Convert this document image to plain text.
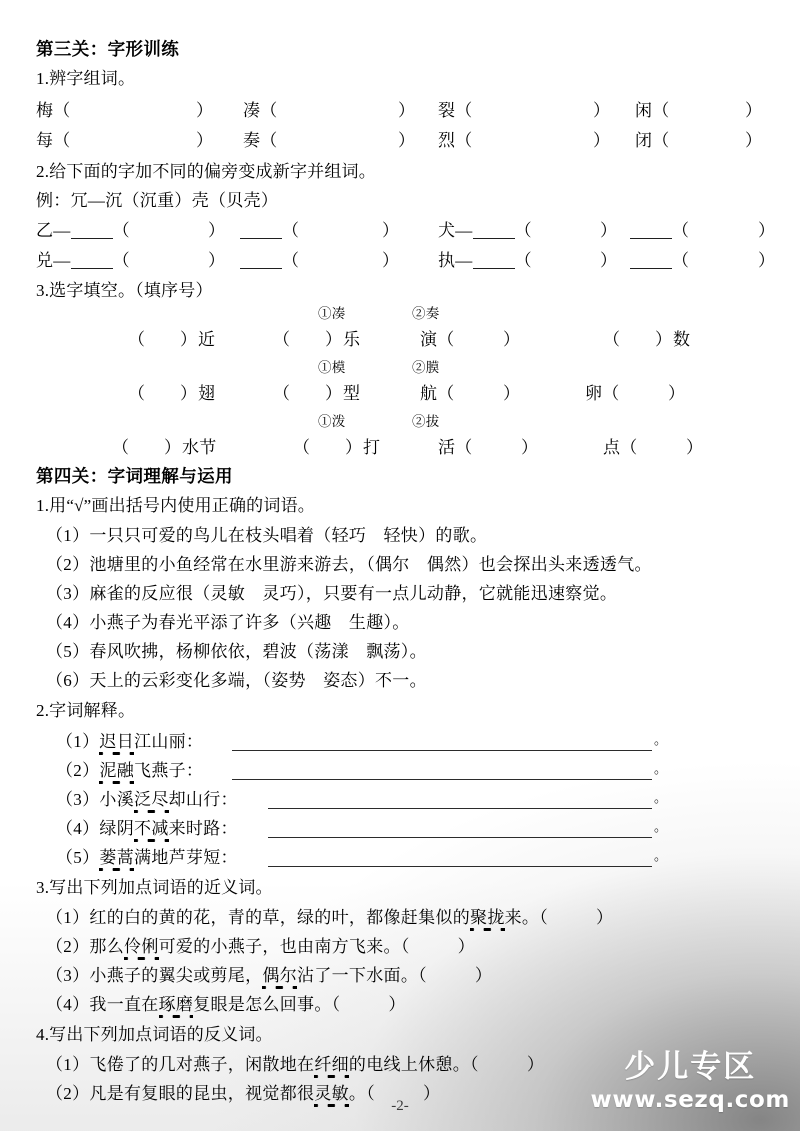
第三关：字形训练
1.辨字组词。
梅（	） 凑（	） 裂（	） 闲（	）
每（	） 奏（	） 烈（	） 闭（	）
2.给下面的字加不同的偏旁变成新字并组词。
例：冗—沉（沉重）壳（贝壳）
乙— （	）	（	） 犬— （	）	（	）
兑— （	）	（	） 执— （	）	（	）
3.选字填空。（填序号）
①凑	②奏
（ ） 近	（ ） 乐	演（	）	（ ） 数
①模	②膜
（ ） 翅	（ ） 型	航（	）	卵（	）
①泼	②拔
（ ） 水节	（ ） 打	活（	）	点（	）
第四关：字词理解与运用
1.用“√”画出括号内使用正确的词语。
（1）一只只可爱的鸟儿在枝头唱着（轻巧　轻快）的歌。
（2）池塘里的小鱼经常在水里游来游去，（偶尔　偶然）也会探出头来透透气。
（3）麻雀的反应很（灵敏　灵巧），只要有一点儿动静，它就能迅速察觉。
（4）小燕子为春光平添了许多（兴趣　生趣）。
（5）春风吹拂，杨柳依依，碧波（荡漾　飘荡）。
（6）天上的云彩变化多端，（姿势　姿态）不一。
2.字词解释。
（1）迟日江山丽：	。
（2）泥融飞燕子：	。
（3）小溪泛尽却山行：	。
（4）绿阴不减来时路：	。
（5）蒌蒿满地芦芽短：	。
3.写出下列加点词语的近义词。
（1）红的白的黄的花，青的草，绿的叶，都像赶集似的聚拢来。（	）
（2）那么伶俐可爱的小燕子，也由南方飞来。（	）
（3）小燕子的翼尖或剪尾，偶尔沾了一下水面。（	）
（4）我一直在琢磨复眼是怎么回事。（	）
4.写出下列加点词语的反义词。
（1）飞倦了的几对燕子，闲散地在纤细的电线上休憩。（	）
（2）凡是有复眼的昆虫，视觉都很灵敏。（	）
少儿专区
www.sezq.com
-2-
